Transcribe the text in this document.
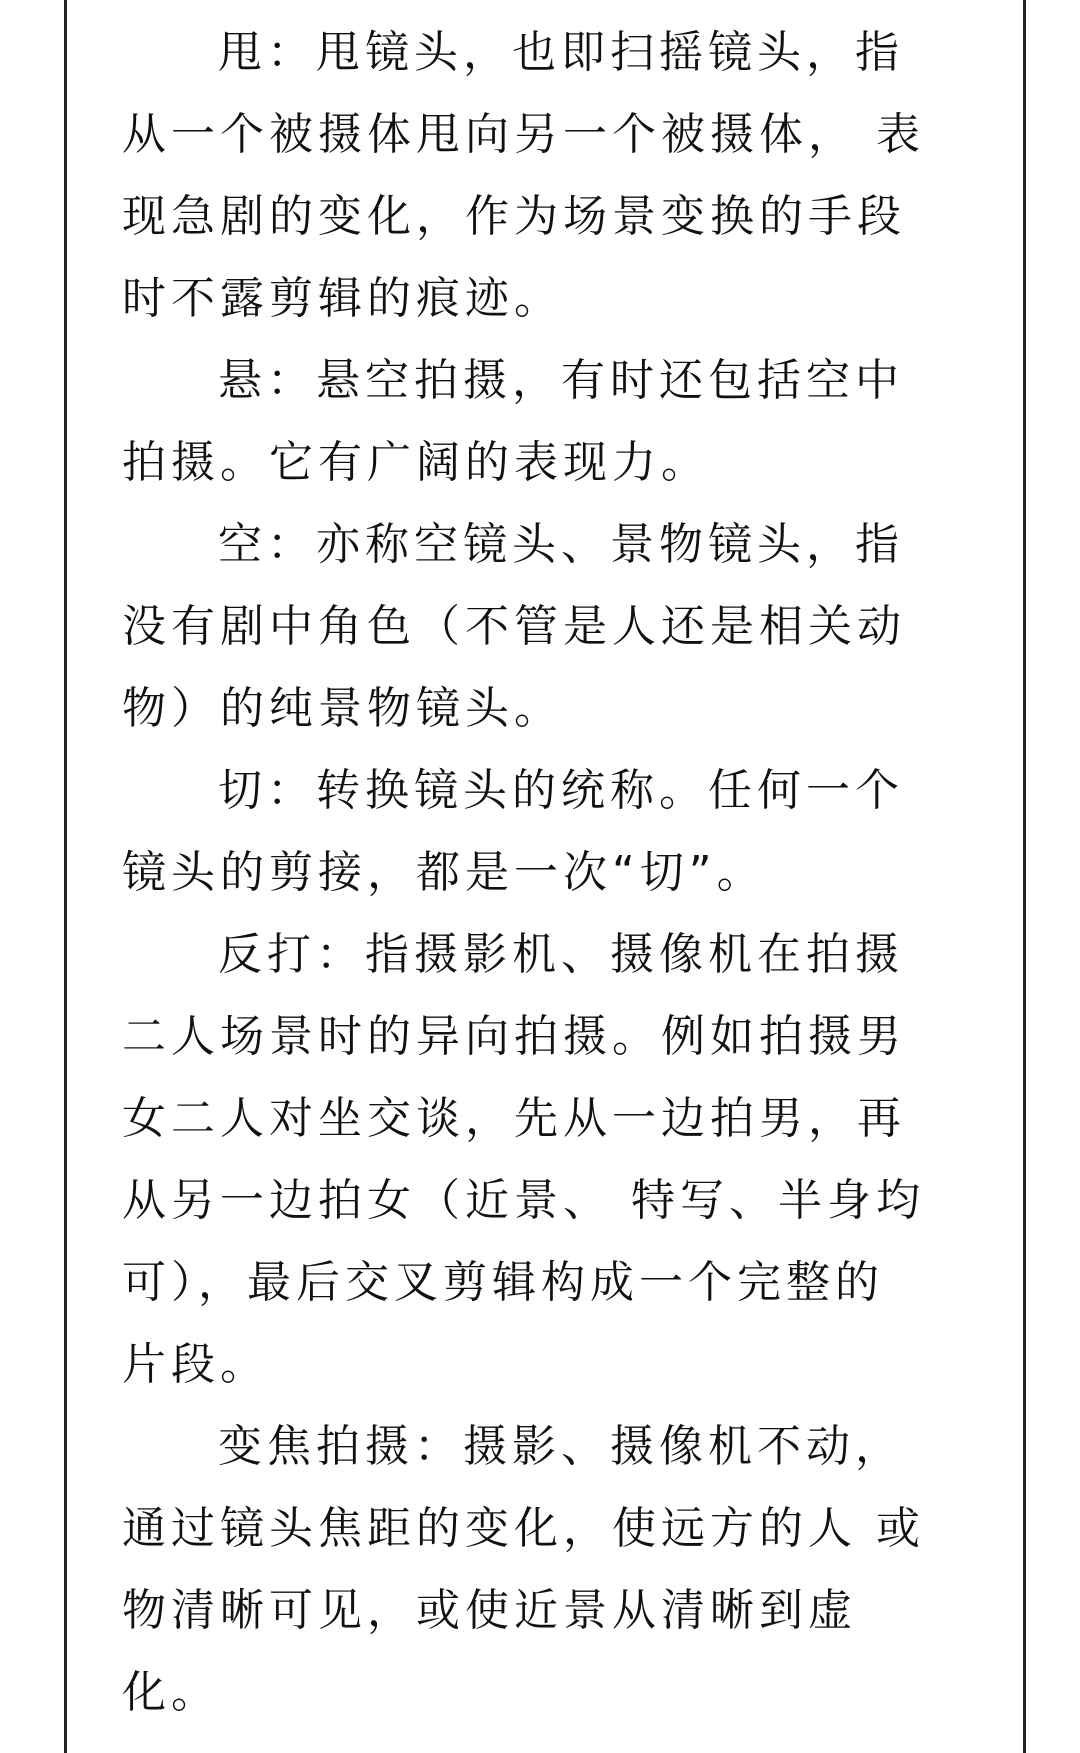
甩：甩镜头，也即扫摇镜头，指
从一个被摄体甩向另一个被摄体， 表
现急剧的变化，作为场景变换的手段
时不露剪辑的痕迹。
悬：悬空拍摄，有时还包括空中
拍摄。它有广阔的表现力。
空：亦称空镜头、景物镜头，指
没有剧中角色（不管是人还是相关动
物）的纯景物镜头。
切：转换镜头的统称。任何一个
镜头的剪接，都是一次“切”。
反打：指摄影机、摄像机在拍摄
二人场景时的异向拍摄。例如拍摄男
女二人对坐交谈，先从一边拍男，再
从另一边拍女（近景、 特写、半身均
可），最后交叉剪辑构成一个完整的
片段。
变焦拍摄：摄影、摄像机不动，
通过镜头焦距的变化，使远方的人 或
物清晰可见，或使近景从清晰到虚
化。
